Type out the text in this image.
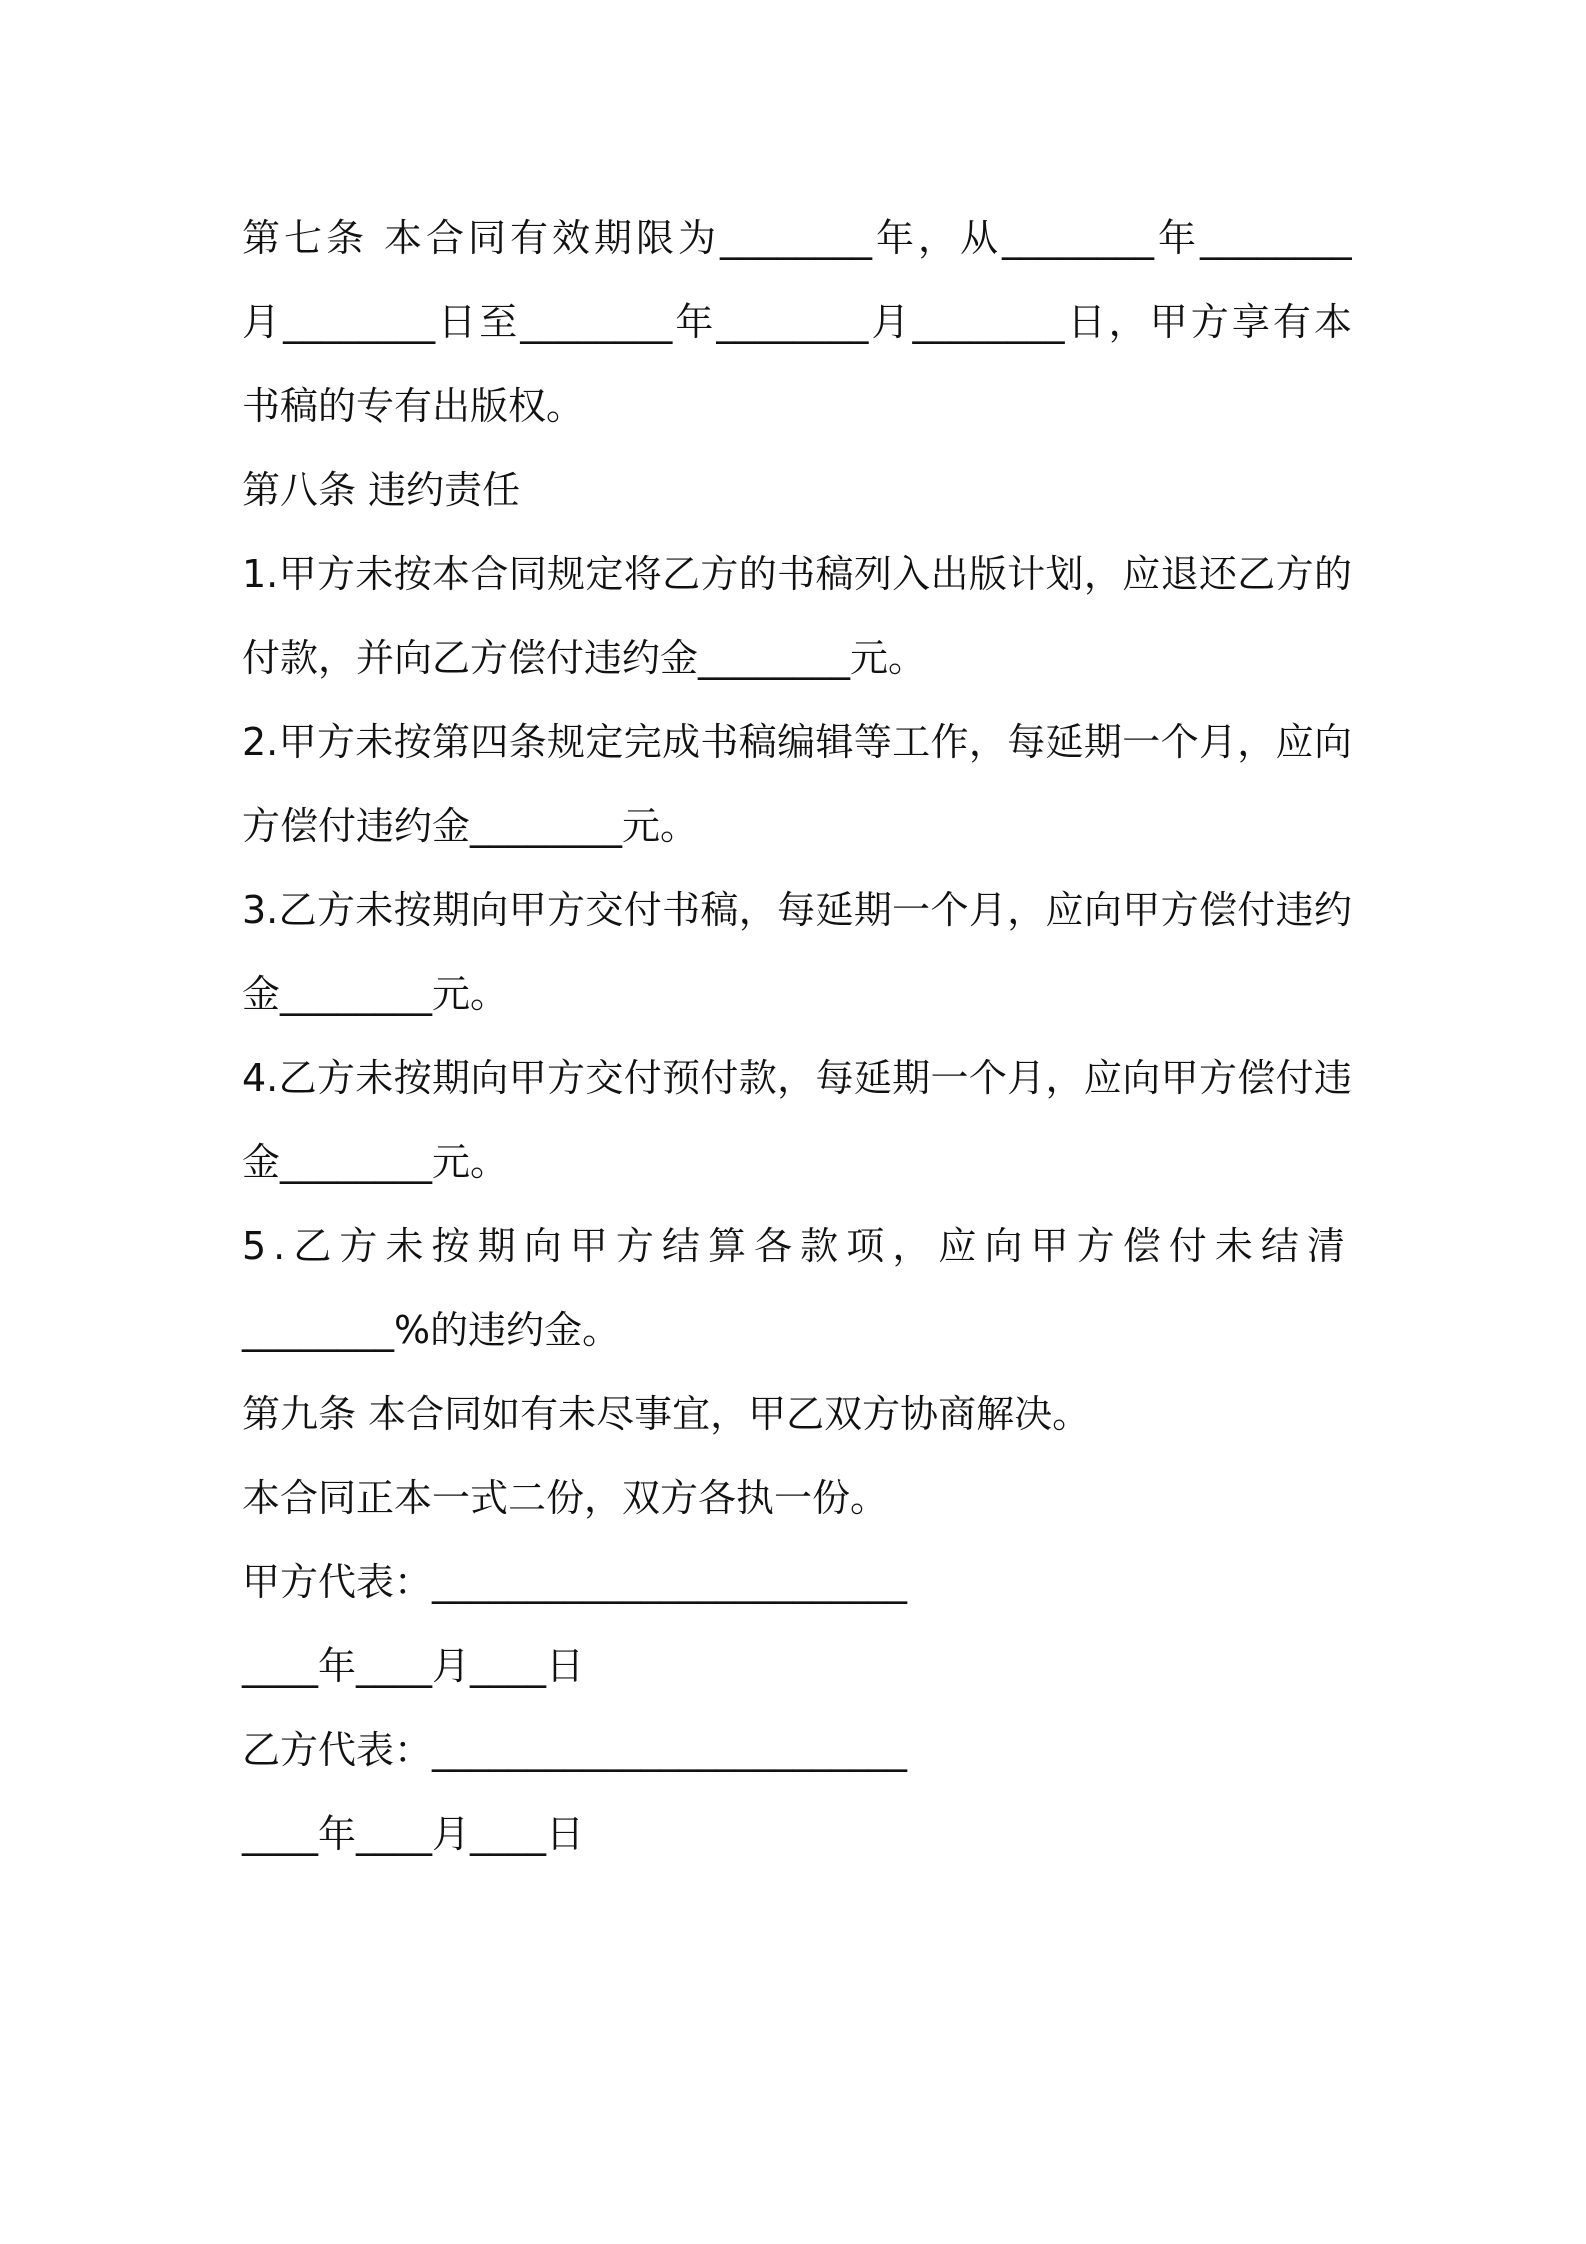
第七条 本合同有效期限为________年，从________年________

月________日至________年________月________日，甲方享有本

书稿的专有出版权。

第八条 违约责任

1.甲方未按本合同规定将乙方的书稿列入出版计划，应退还乙方的

付款，并向乙方偿付违约金________元。

2.甲方未按第四条规定完成书稿编辑等工作，每延期一个月，应向

方偿付违约金________元。

3.乙方未按期向甲方交付书稿，每延期一个月，应向甲方偿付违约

金________元。

4.乙方未按期向甲方交付预付款，每延期一个月，应向甲方偿付违

金________元。

5.乙方未按期向甲方结算各款项，应向甲方偿付未结清

________%的违约金。

第九条 本合同如有未尽事宜，甲乙双方协商解决。

本合同正本一式二份，双方各执一份。

甲方代表：_________________________

____年____月____日

乙方代表：_________________________

____年____月____日
